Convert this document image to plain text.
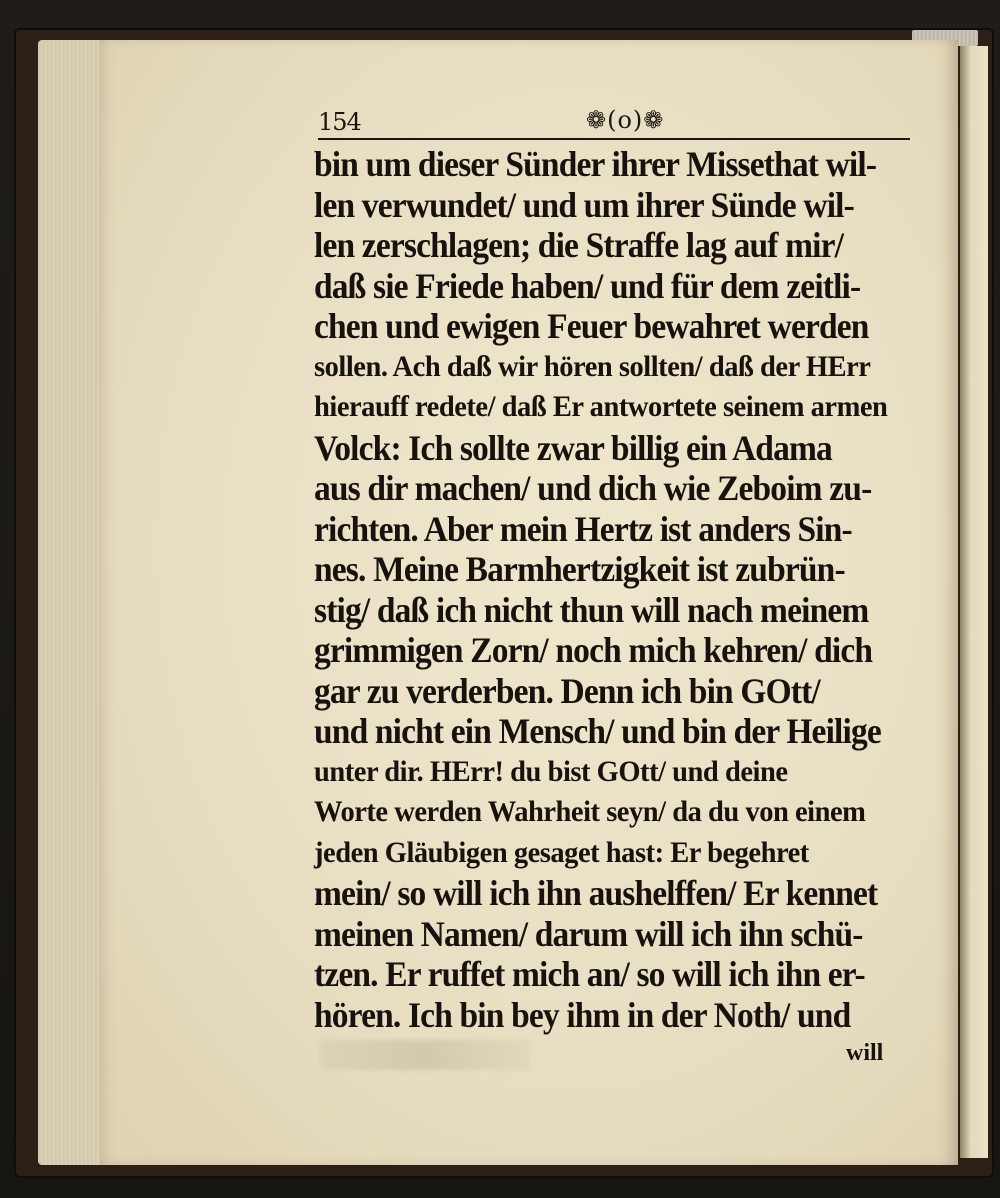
154	❁(o)❁
bin um dieser Sünder ihrer Missethat wil-
len verwundet/ und um ihrer Sünde wil-
len zerschlagen; die Straffe lag auf mir/
daß sie Friede haben/ und für dem zeitli-
chen und ewigen Feuer bewahret werden
sollen. Ach daß wir hören sollten/ daß der HErr
hierauff redete/ daß Er antwortete seinem armen
Volck: Ich sollte zwar billig ein Adama
aus dir machen/ und dich wie Zeboim zu-
richten. Aber mein Hertz ist anders Sin-
nes. Meine Barmhertzigkeit ist zubrün-
stig/ daß ich nicht thun will nach meinem
grimmigen Zorn/ noch mich kehren/ dich
gar zu verderben. Denn ich bin GOtt/
und nicht ein Mensch/ und bin der Heilige
unter dir. HErr! du bist GOtt/ und deine
Worte werden Wahrheit seyn/ da du von einem
jeden Gläubigen gesaget hast: Er begehret
mein/ so will ich ihn aushelffen/ Er kennet
meinen Namen/ darum will ich ihn schü-
tzen. Er ruffet mich an/ so will ich ihn er-
hören. Ich bin bey ihm in der Noth/ und
will
